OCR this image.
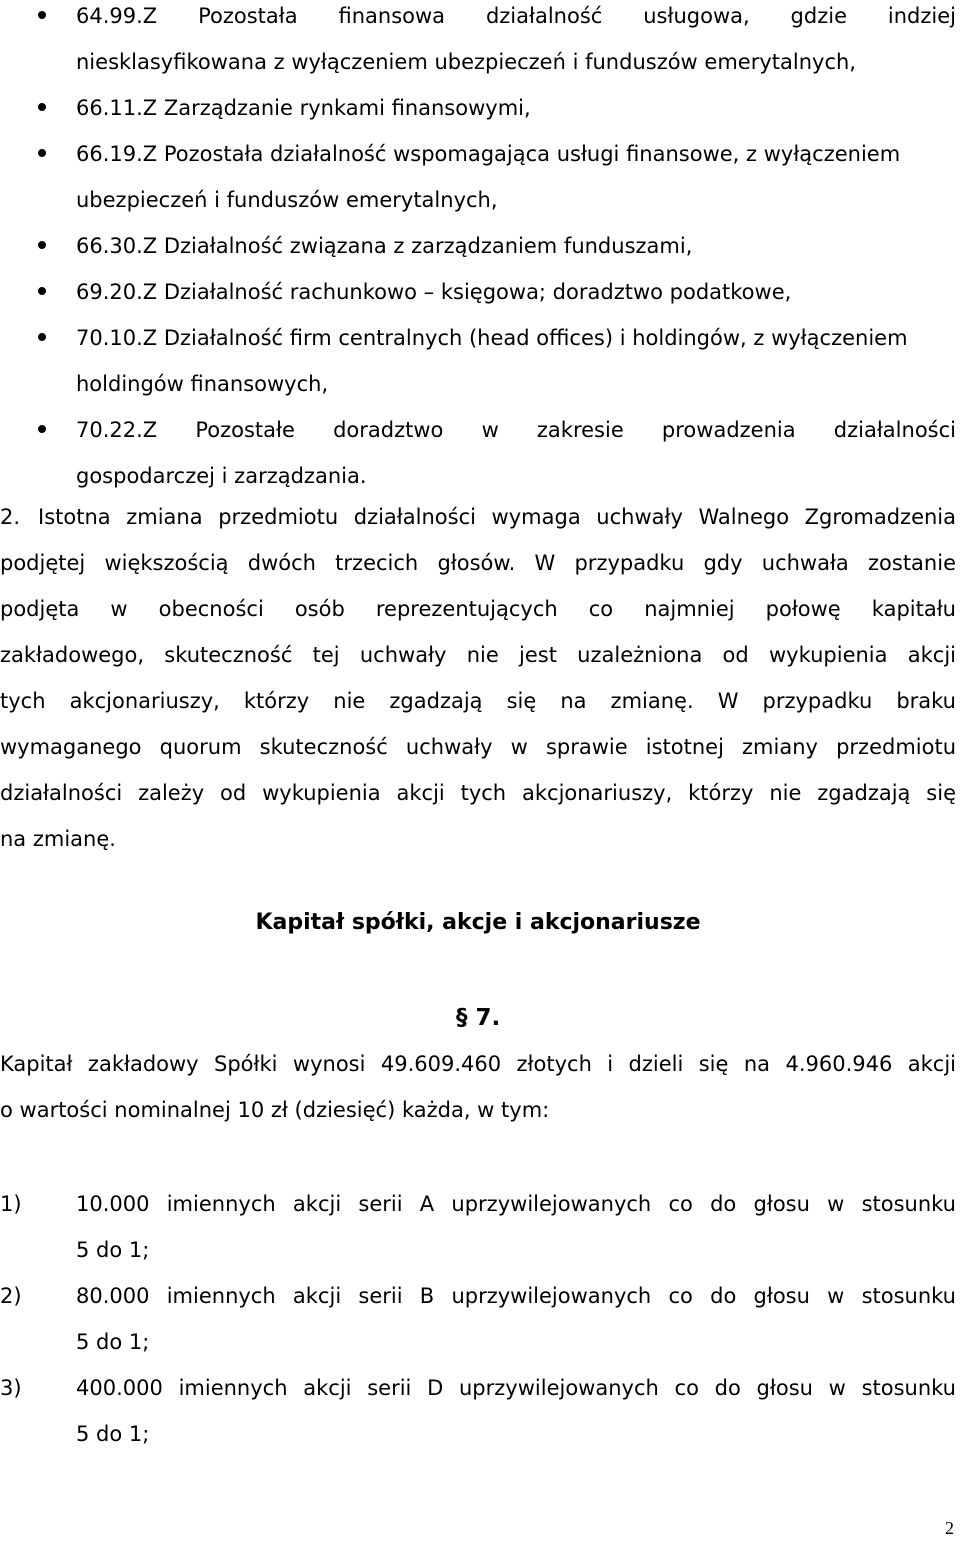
64.99.Z Pozostała finansowa działalność usługowa, gdzie indziej
niesklasyfikowana z wyłączeniem ubezpieczeń i funduszów emerytalnych,
66.11.Z Zarządzanie rynkami finansowymi,
66.19.Z Pozostała działalność wspomagająca usługi finansowe, z wyłączeniem
ubezpieczeń i funduszów emerytalnych,
66.30.Z Działalność związana z zarządzaniem funduszami,
69.20.Z Działalność rachunkowo – księgowa; doradztwo podatkowe,
70.10.Z Działalność firm centralnych (head offices) i holdingów, z wyłączeniem
holdingów finansowych,
70.22.Z Pozostałe doradztwo w zakresie prowadzenia działalności
gospodarczej i zarządzania.
2. Istotna zmiana przedmiotu działalności wymaga uchwały Walnego Zgromadzenia
podjętej większością dwóch trzecich głosów. W przypadku gdy uchwała zostanie
podjęta w obecności osób reprezentujących co najmniej połowę kapitału
zakładowego, skuteczność tej uchwały nie jest uzależniona od wykupienia akcji
tych akcjonariuszy, którzy nie zgadzają się na zmianę. W przypadku braku
wymaganego quorum skuteczność uchwały w sprawie istotnej zmiany przedmiotu
działalności zależy od wykupienia akcji tych akcjonariuszy, którzy nie zgadzają się
na zmianę.
Kapitał spółki, akcje i akcjonariusze
§ 7.
Kapitał zakładowy Spółki wynosi 49.609.460 złotych i dzieli się na 4.960.946 akcji
o wartości nominalnej 10 zł (dziesięć) każda, w tym:
1)	10.000 imiennych akcji serii A uprzywilejowanych co do głosu w stosunku
5 do 1;
2)	80.000 imiennych akcji serii B uprzywilejowanych co do głosu w stosunku
5 do 1;
3)	400.000 imiennych akcji serii D uprzywilejowanych co do głosu w stosunku
5 do 1;
2
